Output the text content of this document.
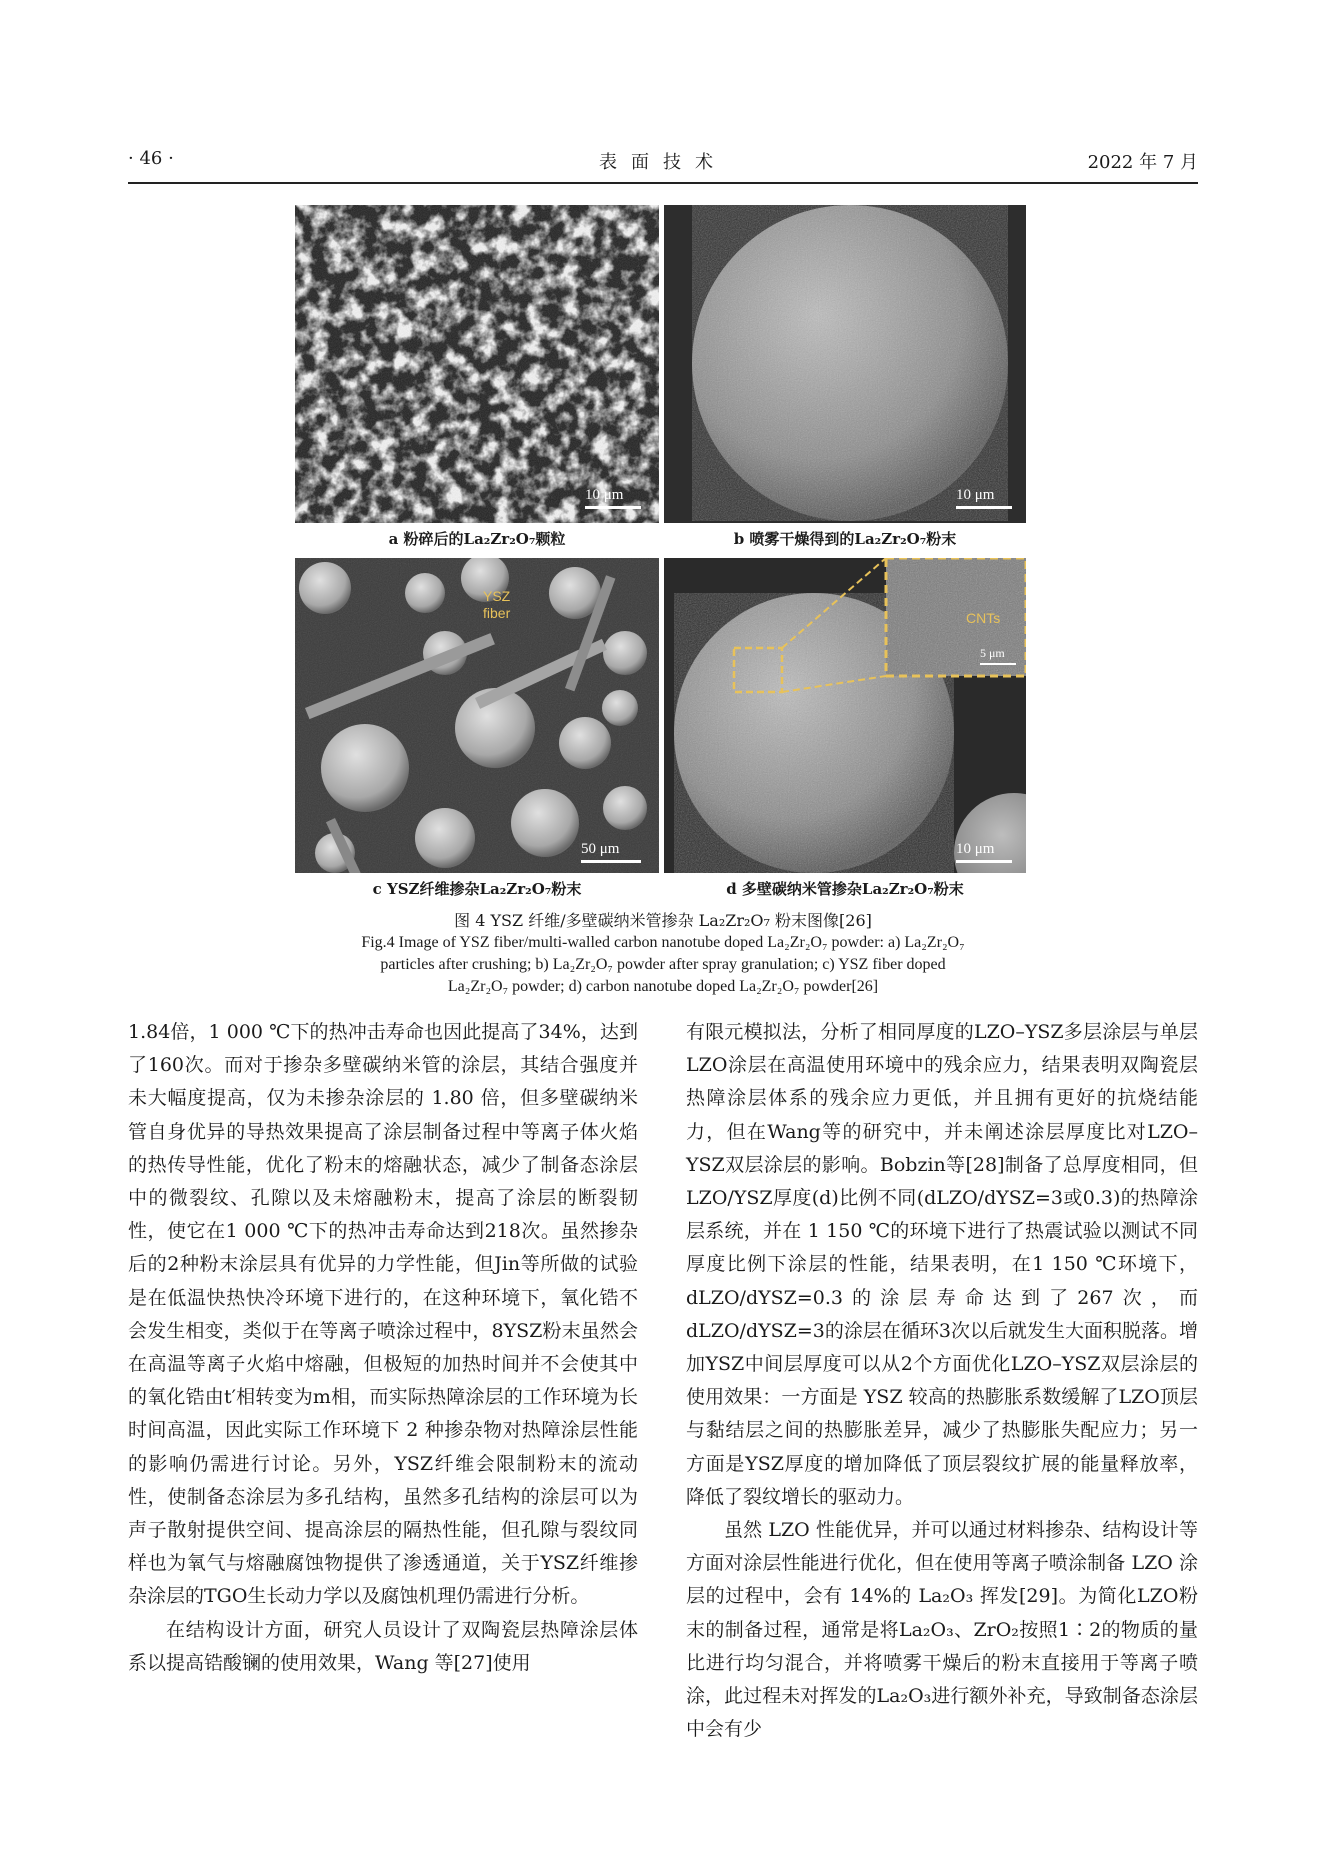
· 46 ·	表面技术	2022 年 7 月
10 μm
a 粉碎后的La₂Zr₂O₇颗粒
10 μm
b 喷雾干燥得到的La₂Zr₂O₇粉末
YSZ
fiber
50 μm
c YSZ纤维掺杂La₂Zr₂O₇粉末
CNTs
5 μm
10 μm
d 多壁碳纳米管掺杂La₂Zr₂O₇粉末
图 4 YSZ 纤维/多壁碳纳米管掺杂 La₂Zr₂O₇ 粉末图像[26]
Fig.4 Image of YSZ fiber/multi-walled carbon nanotube doped La₂Zr₂O₇ powder: a) La₂Zr₂O₇
particles after crushing; b) La₂Zr₂O₇ powder after spray granulation; c) YSZ fiber doped
La₂Zr₂O₇ powder; d) carbon nanotube doped La₂Zr₂O₇ powder[26]

1.84倍，1 000 ℃下的热冲击寿命也因此提高了34%，达到了160次。而对于掺杂多壁碳纳米管的涂层，其结合强度并未大幅度提高，仅为未掺杂涂层的 1.80 倍，但多壁碳纳米管自身优异的导热效果提高了涂层制备过程中等离子体火焰的热传导性能，优化了粉末的熔融状态，减少了制备态涂层中的微裂纹、孔隙以及未熔融粉末，提高了涂层的断裂韧性，使它在1 000 ℃下的热冲击寿命达到218次。虽然掺杂后的2种粉末涂层具有优异的力学性能，但Jin等所做的试验是在低温快热快冷环境下进行的，在这种环境下，氧化锆不会发生相变，类似于在等离子喷涂过程中，8YSZ粉末虽然会在高温等离子火焰中熔融，但极短的加热时间并不会使其中的氧化锆由t′相转变为m相，而实际热障涂层的工作环境为长时间高温，因此实际工作环境下 2 种掺杂物对热障涂层性能的影响仍需进行讨论。另外，YSZ纤维会限制粉末的流动性，使制备态涂层为多孔结构，虽然多孔结构的涂层可以为声子散射提供空间、提高涂层的隔热性能，但孔隙与裂纹同样也为氧气与熔融腐蚀物提供了渗透通道，关于YSZ纤维掺杂涂层的TGO生长动力学以及腐蚀机理仍需进行分析。

在结构设计方面，研究人员设计了双陶瓷层热障涂层体系以提高锆酸镧的使用效果，Wang 等[27]使用

有限元模拟法，分析了相同厚度的LZO–YSZ多层涂层与单层LZO涂层在高温使用环境中的残余应力，结果表明双陶瓷层热障涂层体系的残余应力更低，并且拥有更好的抗烧结能力，但在Wang等的研究中，并未阐述涂层厚度比对LZO–YSZ双层涂层的影响。Bobzin等[28]制备了总厚度相同，但LZO/YSZ厚度(d)比例不同(dLZO/dYSZ=3或0.3)的热障涂层系统，并在 1 150 ℃的环境下进行了热震试验以测试不同厚度比例下涂层的性能，结果表明，在1 150 ℃环境下，dLZO/dYSZ=0.3的涂层寿命达到了267次，而dLZO/dYSZ=3的涂层在循环3次以后就发生大面积脱落。增加YSZ中间层厚度可以从2个方面优化LZO–YSZ双层涂层的使用效果：一方面是 YSZ 较高的热膨胀系数缓解了LZO顶层与黏结层之间的热膨胀差异，减少了热膨胀失配应力；另一方面是YSZ厚度的增加降低了顶层裂纹扩展的能量释放率，降低了裂纹增长的驱动力。

虽然 LZO 性能优异，并可以通过材料掺杂、结构设计等方面对涂层性能进行优化，但在使用等离子喷涂制备 LZO 涂层的过程中，会有 14%的 La₂O₃ 挥发[29]。为简化LZO粉末的制备过程，通常是将La₂O₃、ZrO₂按照1∶2的物质的量比进行均匀混合，并将喷雾干燥后的粉末直接用于等离子喷涂，此过程未对挥发的La₂O₃进行额外补充，导致制备态涂层中会有少
